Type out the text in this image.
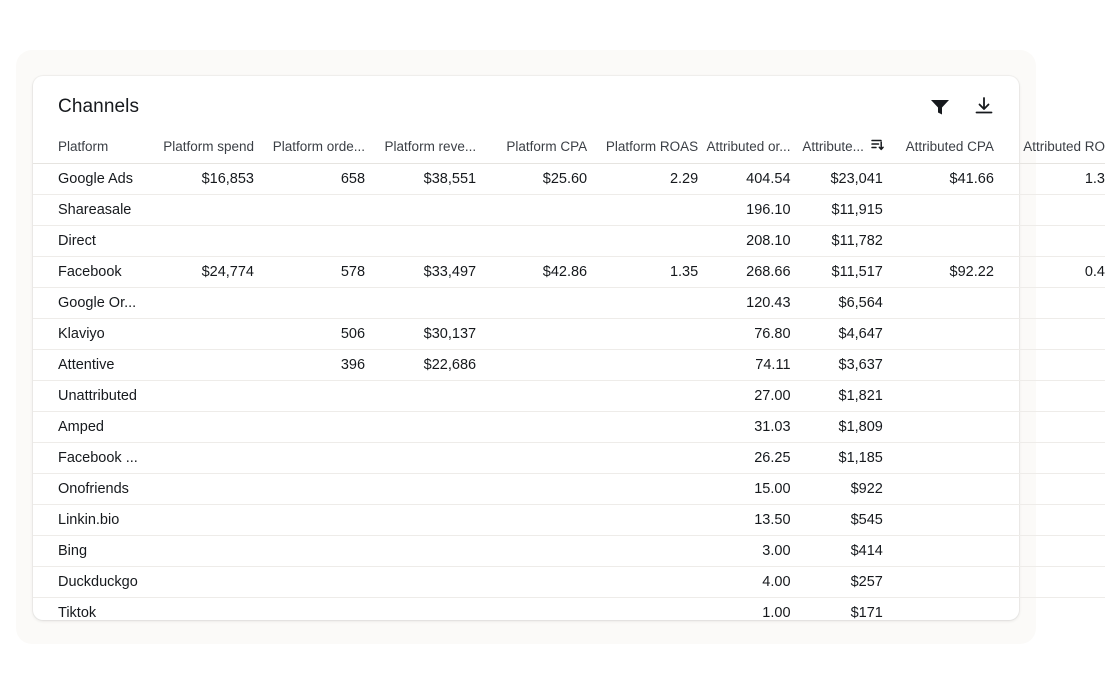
Channels
Platform	Platform spend	Platform orde...	Platform reve...	Platform CPA	Platform ROAS	Attributed or...	Attribute...	Attributed CPA	Attributed RO
Google Ads	$16,853	658	$38,551	$25.60	2.29	404.54	$23,041	$41.66	1.3
Shareasale						196.10	$11,915		
Direct						208.10	$11,782		
Facebook	$24,774	578	$33,497	$42.86	1.35	268.66	$11,517	$92.22	0.4
Google Or...						120.43	$6,564		
Klaviyo		506	$30,137			76.80	$4,647		
Attentive		396	$22,686			74.11	$3,637		
Unattributed						27.00	$1,821		
Amped						31.03	$1,809		
Facebook ...						26.25	$1,185		
Onofriends						15.00	$922		
Linkin.bio						13.50	$545		
Bing						3.00	$414		
Duckduckgo						4.00	$257		
Tiktok						1.00	$171		
